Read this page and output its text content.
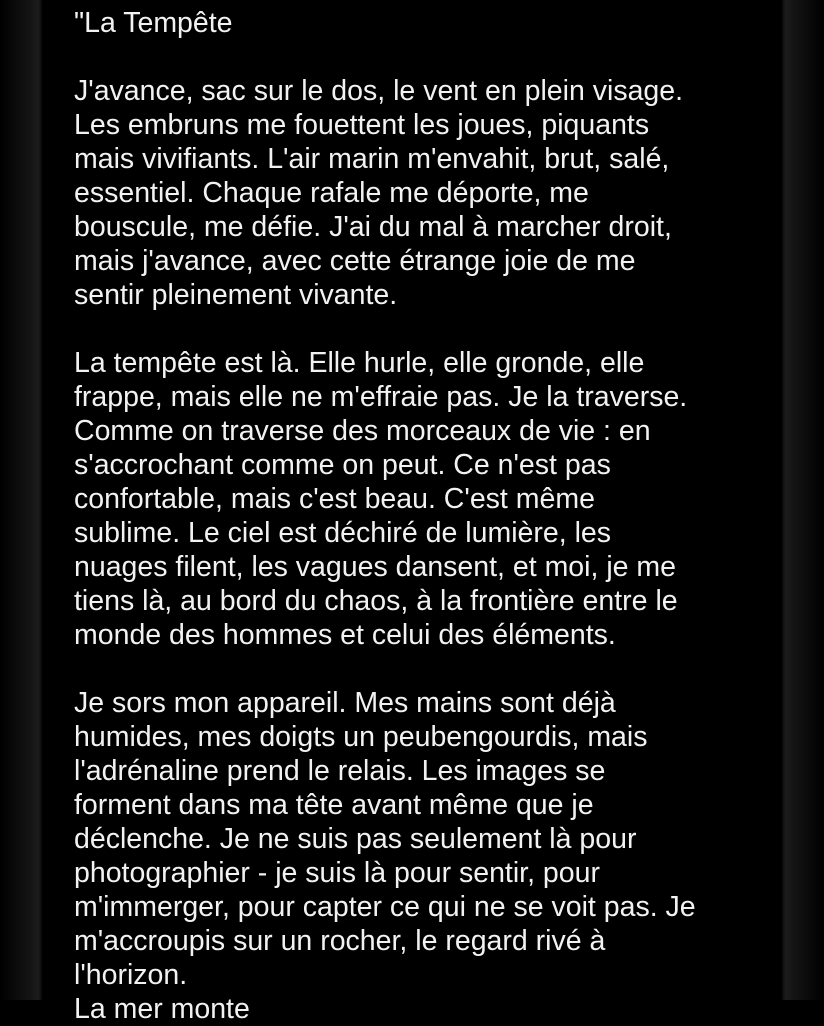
"La Tempête
J'avance, sac sur le dos, le vent en plein visage.
Les embruns me fouettent les joues, piquants
mais vivifiants. L'air marin m'envahit, brut, salé,
essentiel. Chaque rafale me déporte, me
bouscule, me défie. J'ai du mal à marcher droit,
mais j'avance, avec cette étrange joie de me
sentir pleinement vivante.
La tempête est là. Elle hurle, elle gronde, elle
frappe, mais elle ne m'effraie pas. Je la traverse.
Comme on traverse des morceaux de vie : en
s'accrochant comme on peut. Ce n'est pas
confortable, mais c'est beau. C'est même
sublime. Le ciel est déchiré de lumière, les
nuages filent, les vagues dansent, et moi, je me
tiens là, au bord du chaos, à la frontière entre le
monde des hommes et celui des éléments.
Je sors mon appareil. Mes mains sont déjà
humides, mes doigts un peubengourdis, mais
l'adrénaline prend le relais. Les images se
forment dans ma tête avant même que je
déclenche. Je ne suis pas seulement là pour
photographier - je suis là pour sentir, pour
m'immerger, pour capter ce qui ne se voit pas. Je
m'accroupis sur un rocher, le regard rivé à
l'horizon.
La mer monte
